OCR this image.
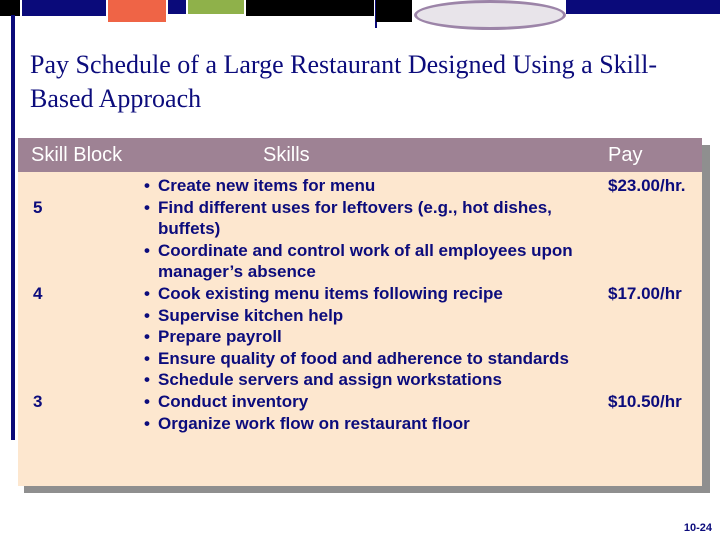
Pay Schedule of a Large Restaurant Designed Using a Skill-Based Approach
Skill Block	Skills	Pay
5
4
3
• Create new items for menu
• Find different uses for leftovers (e.g., hot dishes, buffets)
• Coordinate and control work of all employees upon manager’s absence
• Cook existing menu items following recipe
• Supervise kitchen help
• Prepare payroll
• Ensure quality of food and adherence to standards
• Schedule servers and assign workstations
• Conduct inventory
• Organize work flow on restaurant floor
$23.00/hr.
$17.00/hr
$10.50/hr
10-24
